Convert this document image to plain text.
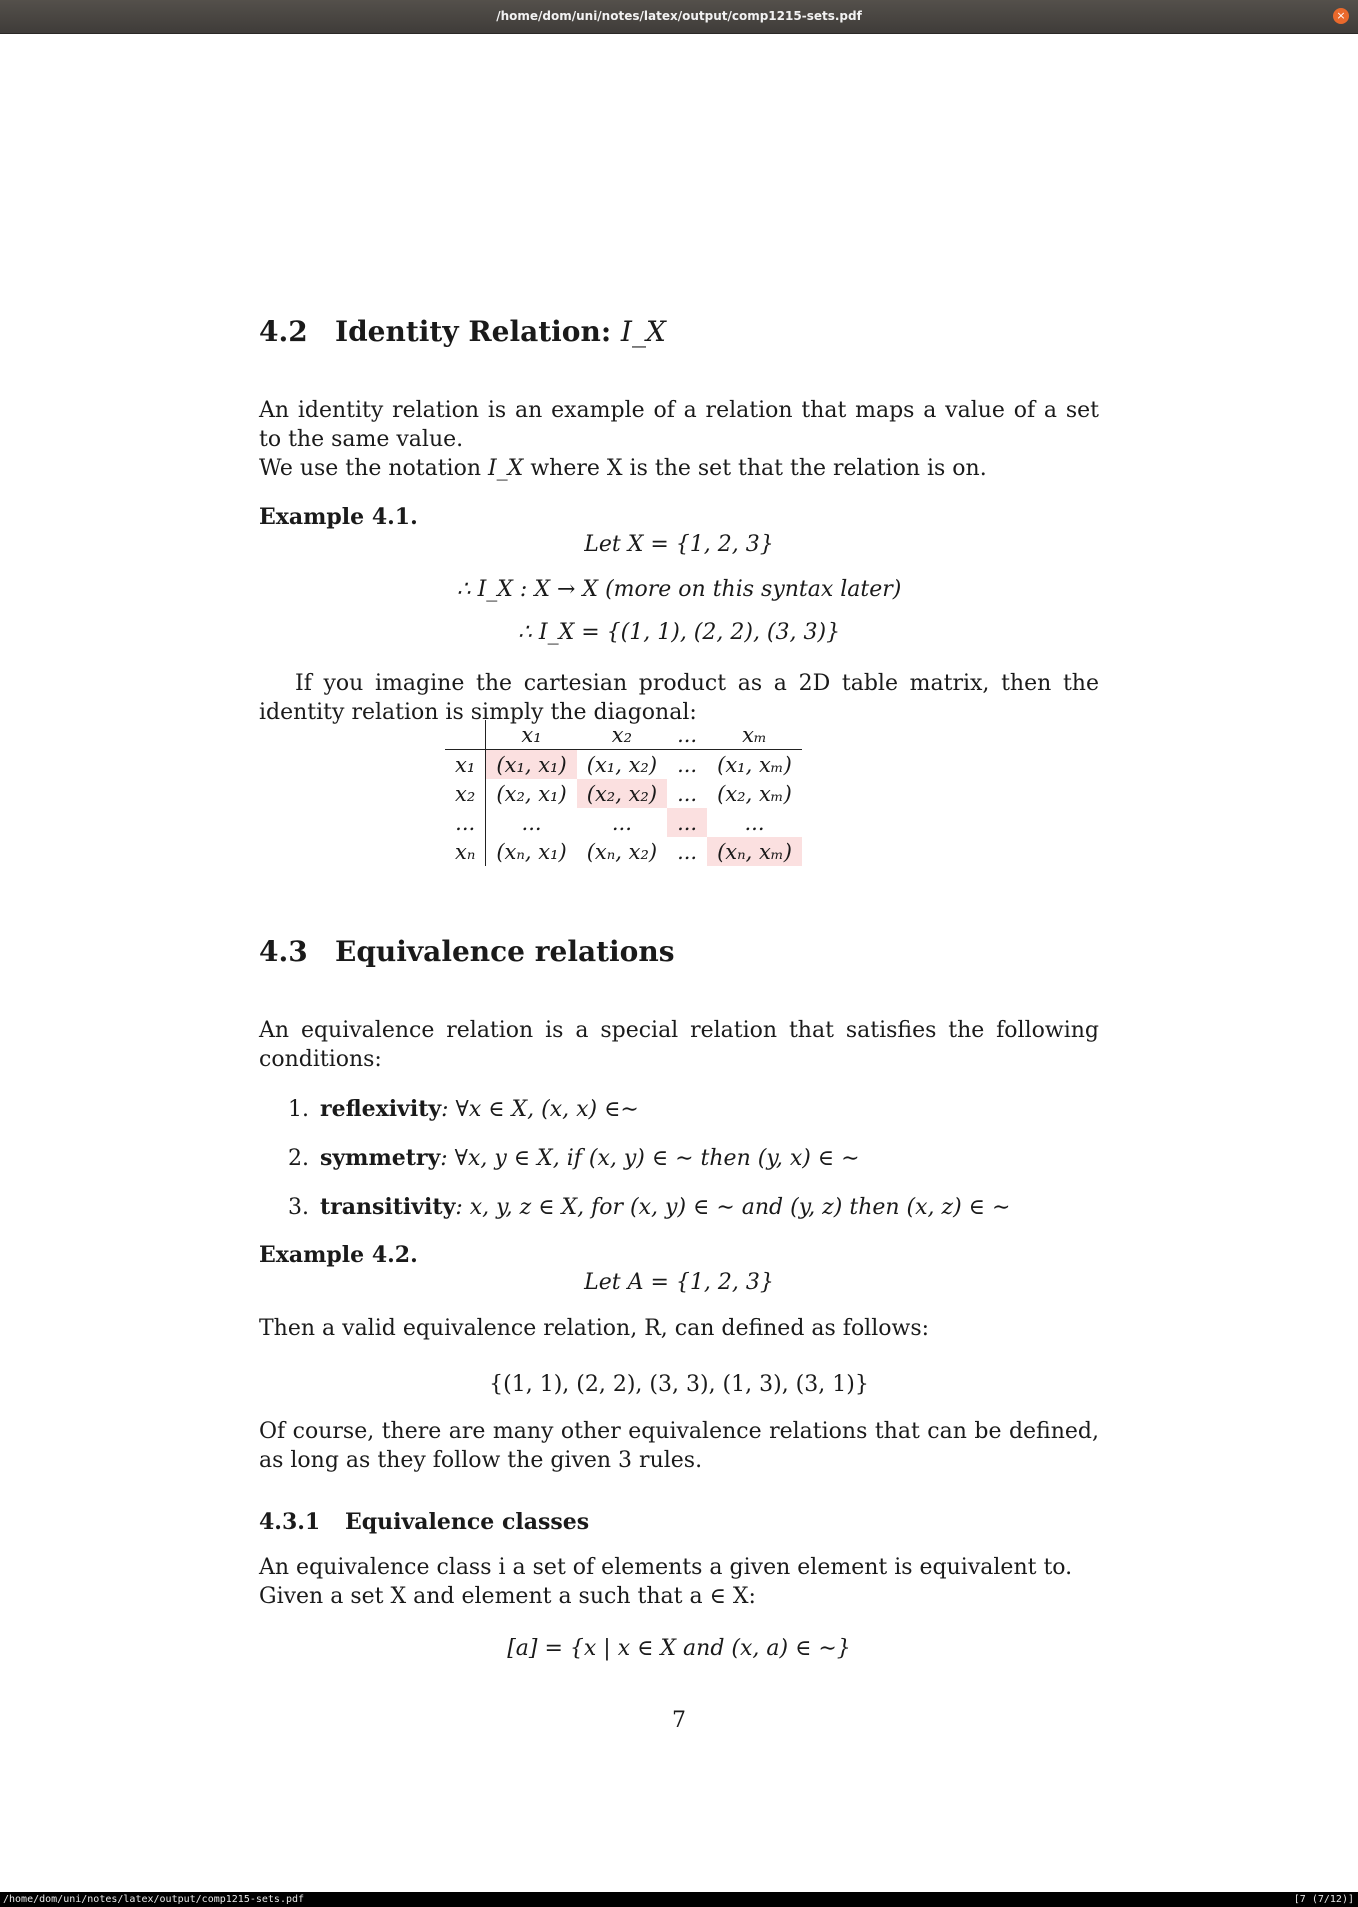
/home/dom/uni/notes/latex/output/comp1215-sets.pdf	×
4.2 Identity Relation: I_X
An identity relation is an example of a relation that maps a value of a set to the same value.
We use the notation I_X where X is the set that the relation is on.
Example 4.1.
Let X = {1, 2, 3}
∴ I_X : X → X (more on this syntax later)
∴ I_X = {(1, 1), (2, 2), (3, 3)}
If you imagine the cartesian product as a 2D table matrix, then the identity relation is simply the diagonal:
	x₁	x₂	...	xₘ
x₁	(x₁, x₁)	(x₁, x₂)	...	(x₁, xₘ)
x₂	(x₂, x₁)	(x₂, x₂)	...	(x₂, xₘ)
...	...	...	...	...
xₙ	(xₙ, x₁)	(xₙ, x₂)	...	(xₙ, xₘ)
4.3 Equivalence relations
An equivalence relation is a special relation that satisfies the following conditions:
1. reflexivity: ∀x ∈ X, (x, x) ∈∼
2. symmetry: ∀x, y ∈ X, if (x, y) ∈ ∼ then (y, x) ∈ ∼
3. transitivity: x, y, z ∈ X, for (x, y) ∈ ∼ and (y, z) then (x, z) ∈ ∼
Example 4.2.
Let A = {1, 2, 3}
Then a valid equivalence relation, R, can defined as follows:
{(1, 1), (2, 2), (3, 3), (1, 3), (3, 1)}
Of course, there are many other equivalence relations that can be defined, as long as they follow the given 3 rules.
4.3.1 Equivalence classes
An equivalence class i a set of elements a given element is equivalent to.
Given a set X and element a such that a ∈ X:
[a] = {x | x ∈ X and (x, a) ∈ ∼}
7
/home/dom/uni/notes/latex/output/comp1215-sets.pdf	[7 (7/12)]
